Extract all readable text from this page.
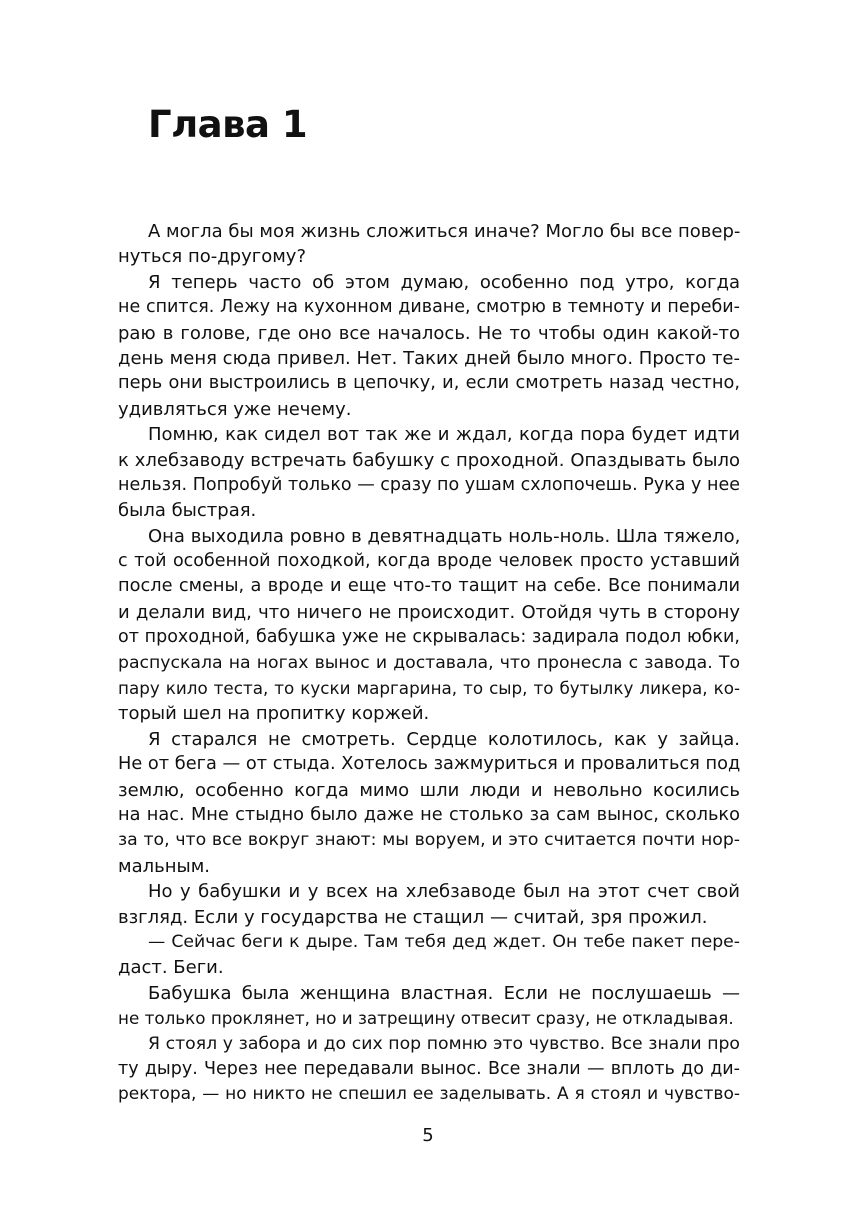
Глава 1
А могла бы моя жизнь сложиться иначе? Могло бы все повер-
нуться по-другому?
Я теперь часто об этом думаю, особенно под утро, когда
не спится. Лежу на кухонном диване, смотрю в темноту и переби-
раю в голове, где оно все началось. Не то чтобы один какой-то
день меня сюда привел. Нет. Таких дней было много. Просто те-
перь они выстроились в цепочку, и, если смотреть назад честно,
удивляться уже нечему.
Помню, как сидел вот так же и ждал, когда пора будет идти
к хлебзаводу встречать бабушку с проходной. Опаздывать было
нельзя. Попробуй только — сразу по ушам схлопочешь. Рука у нее
была быстрая.
Она выходила ровно в девятнадцать ноль-ноль. Шла тяжело,
с той особенной походкой, когда вроде человек просто уставший
после смены, а вроде и еще что-то тащит на себе. Все понимали
и делали вид, что ничего не происходит. Отойдя чуть в сторону
от проходной, бабушка уже не скрывалась: задирала подол юбки,
распускала на ногах вынос и доставала, что пронесла с завода. То
пару кило теста, то куски маргарина, то сыр, то бутылку ликера, ко-
торый шел на пропитку коржей.
Я старался не смотреть. Сердце колотилось, как у зайца.
Не от бега — от стыда. Хотелось зажмуриться и провалиться под
землю, особенно когда мимо шли люди и невольно косились
на нас. Мне стыдно было даже не столько за сам вынос, сколько
за то, что все вокруг знают: мы воруем, и это считается почти нор-
мальным.
Но у бабушки и у всех на хлебзаводе был на этот счет свой
взгляд. Если у государства не стащил — считай, зря прожил.
— Сейчас беги к дыре. Там тебя дед ждет. Он тебе пакет пере-
даст. Беги.
Бабушка была женщина властная. Если не послушаешь —
не только проклянет, но и затрещину отвесит сразу, не откладывая.
Я стоял у забора и до сих пор помню это чувство. Все знали про
ту дыру. Через нее передавали вынос. Все знали — вплоть до ди-
ректора, — но никто не спешил ее заделывать. А я стоял и чувство-
5
